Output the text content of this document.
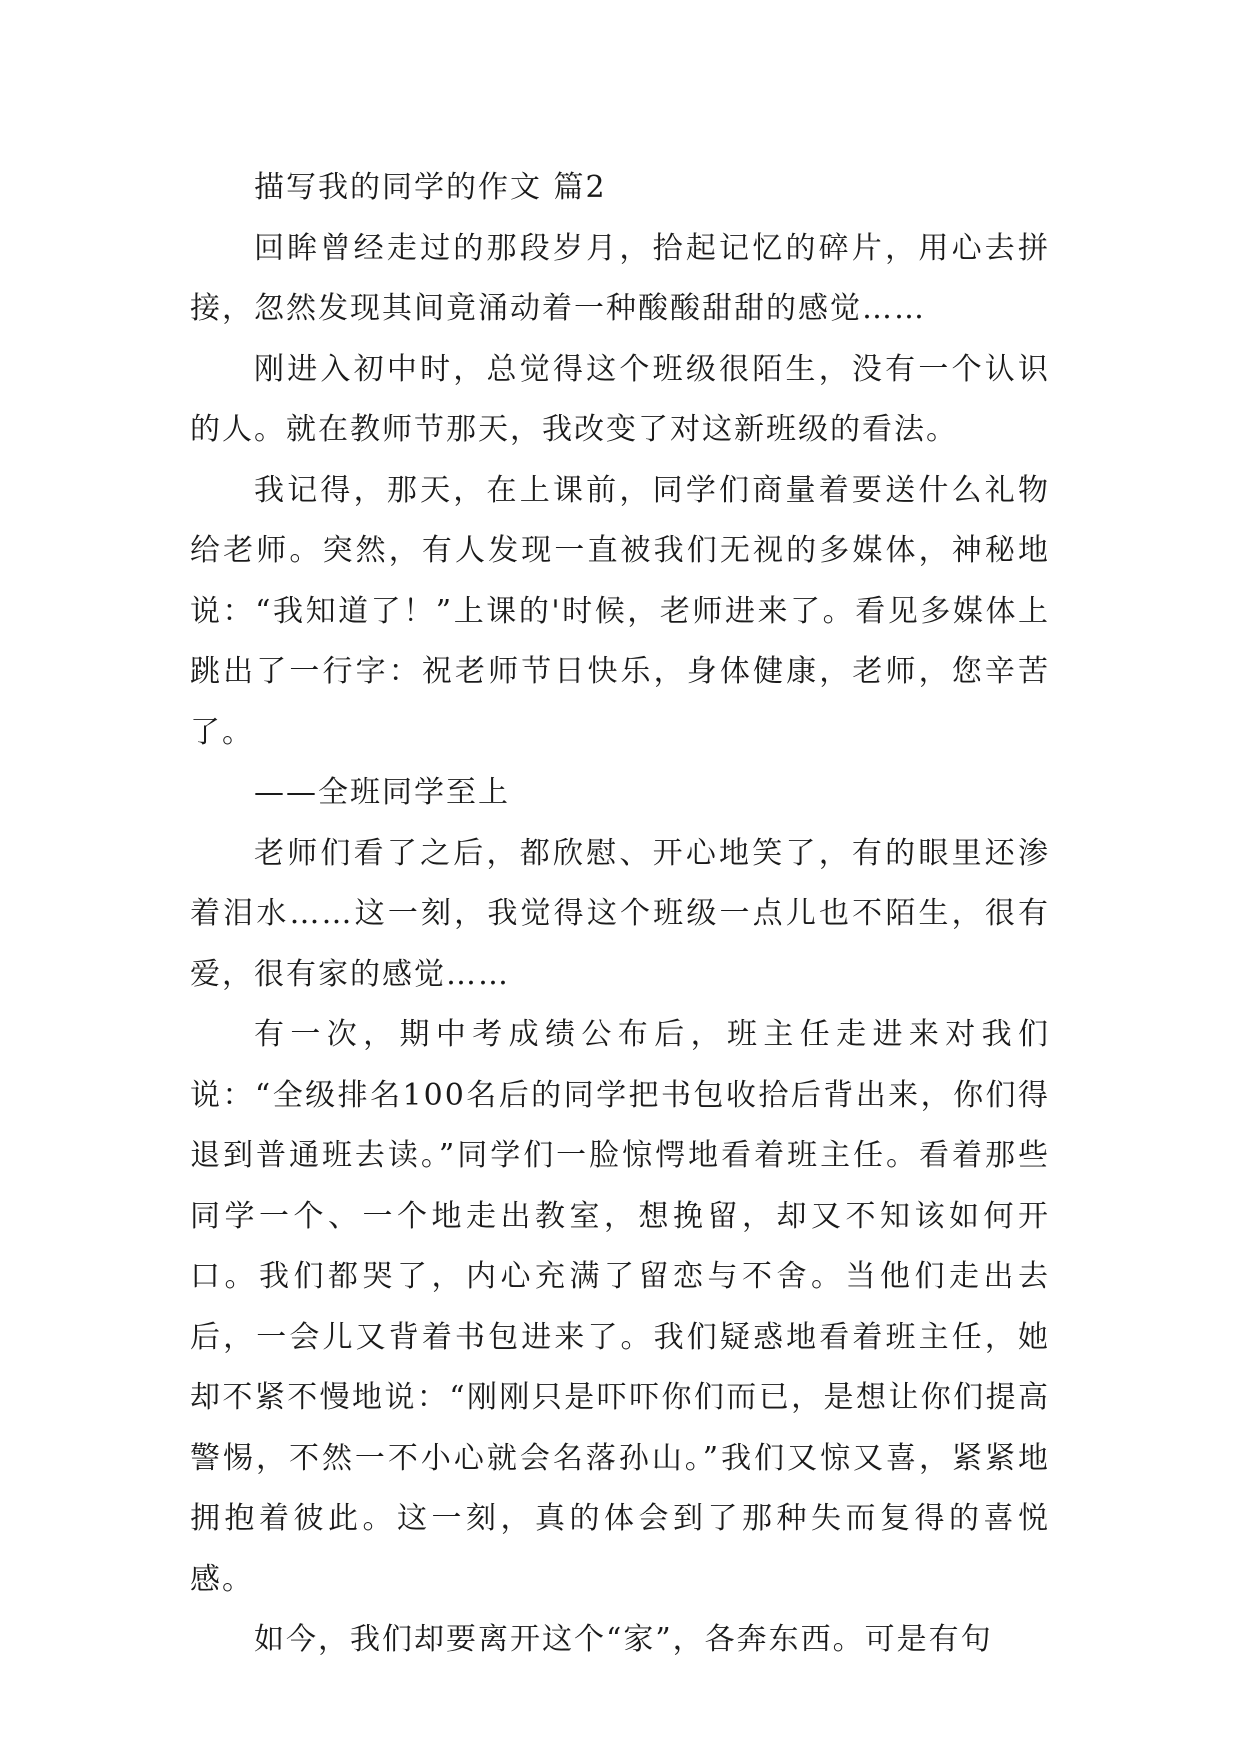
描写我的同学的作文 篇2

回眸曾经走过的那段岁月，拾起记忆的碎片，用心去拼接，忽然发现其间竟涌动着一种酸酸甜甜的感觉……

刚进入初中时，总觉得这个班级很陌生，没有一个认识的人。就在教师节那天，我改变了对这新班级的看法。

我记得，那天，在上课前，同学们商量着要送什么礼物给老师。突然，有人发现一直被我们无视的多媒体，神秘地说：“我知道了！”上课的'时候，老师进来了。看见多媒体上跳出了一行字：祝老师节日快乐，身体健康，老师，您辛苦了。

——全班同学至上

老师们看了之后，都欣慰、开心地笑了，有的眼里还渗着泪水……这一刻，我觉得这个班级一点儿也不陌生，很有爱，很有家的感觉……

有一次，期中考成绩公布后，班主任走进来对我们说：“全级排名100名后的同学把书包收拾后背出来，你们得退到普通班去读。”同学们一脸惊愕地看着班主任。看着那些同学一个、一个地走出教室，想挽留，却又不知该如何开口。我们都哭了，内心充满了留恋与不舍。当他们走出去后，一会儿又背着书包进来了。我们疑惑地看着班主任，她却不紧不慢地说：“刚刚只是吓吓你们而已，是想让你们提高警惕，不然一不小心就会名落孙山。”我们又惊又喜，紧紧地拥抱着彼此。这一刻，真的体会到了那种失而复得的喜悦感。

如今，我们却要离开这个“家”，各奔东西。可是有句
